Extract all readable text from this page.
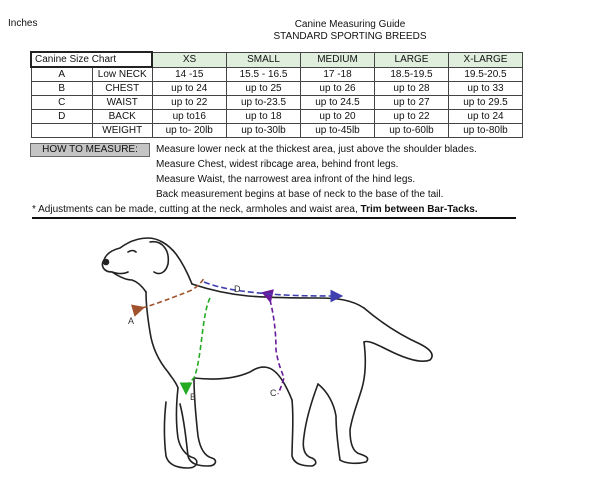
Inches	Canine Measuring Guide
STANDARD SPORTING BREEDS
Canine Size Chart		XS	SMALL	MEDIUM	LARGE	X-LARGE
A	Low NECK	14 -15	15.5 - 16.5	17 -18	18.5-19.5	19.5-20.5
B	CHEST	up to 24	up to 25	up to 26	up to 28	up to 33
C	WAIST	up to 22	up to-23.5	up to 24.5	up to 27	up to 29.5
D	BACK	up to16	up to 18	up to 20	up to 22	up to 24
	WEIGHT	up to- 20lb	up to-30lb	up to-45lb	up to-60lb	up to-80lb
HOW TO MEASURE:	Measure lower neck at the thickest area, just above the shoulder blades.
Measure Chest, widest ribcage area, behind front legs.
Measure Waist, the narrowest area infront of the hind legs.
Back measurement begins at base of neck to the base of the tail.
* Adjustments can be made, cutting at the neck, armholes and waist area, Trim between Bar-Tacks.
A
B	C
D
